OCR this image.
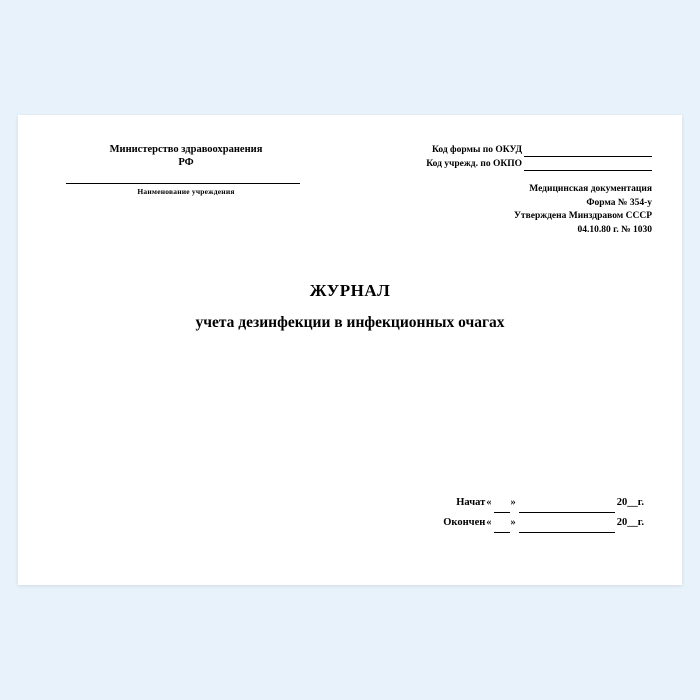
Министерство здравоохранения
РФ
Наименование учреждения
Код формы по ОКУД
Код учрежд. по ОКПО
Медицинская документация
Форма № 354-у
Утверждена Минздравом СССР
04.10.80 г. № 1030
ЖУРНАЛ
учета дезинфекции в инфекционных очагах
Начат « »	20__г.
Окончен « »	20__г.
